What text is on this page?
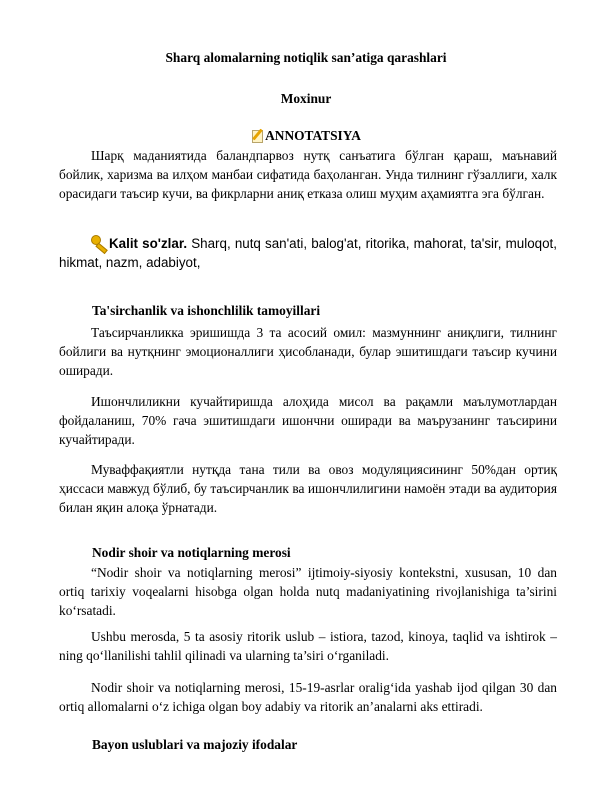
Sharq alomalarning notiqlik san’atiga qarashlari
Moxinur
ANNOTATSIYA
Шарқ маданиятида баландпарвоз нутқ санъатига бўлган қараш, маънавий бойлик, харизма ва илҳом манбаи сифатида баҳоланган. Унда тилнинг гўзаллиги, халк орасидаги таъсир кучи, ва фикрларни аниқ етказа олиш муҳим аҳамиятга эга бўлган.
Kalit so'zlar. Sharq, nutq san'ati, balog'at, ritorika, mahorat, ta'sir, muloqot, hikmat, nazm, adabiyot,
Ta'sirchanlik va ishonchlilik tamoyillari
Таъсирчанликка эришишда 3 та асосий омил: мазмуннинг аниқлиги, тилнинг бойлиги ва нутқнинг эмоционаллиги ҳисобланади, булар эшитишдаги таъсир кучини оширади.
Ишончлиликни кучайтиришда алоҳида мисол ва рақамли маълумотлардан фойдаланиш, 70% гача эшитишдаги ишончни оширади ва маърузанинг таъсирини кучайтиради.
Муваффақиятли нутқда тана тили ва овоз модуляциясининг 50%дан ортиқ ҳиссаси мавжуд бўлиб, бу таъсирчанлик ва ишончлилигини намоён этади ва аудитория билан яқин алоқа ўрнатади.
Nodir shoir va notiqlarning merosi
“Nodir shoir va notiqlarning merosi” ijtimoiy-siyosiy kontekstni, xususan, 10 dan ortiq tarixiy voqealarni hisobga olgan holda nutq madaniyatining rivojlanishiga ta’sirini ko‘rsatadi.
Ushbu merosda, 5 ta asosiy ritorik uslub – istiora, tazod, kinoya, taqlid va ishtirok –ning qo‘llanilishi tahlil qilinadi va ularning ta’siri o‘rganiladi.
Nodir shoir va notiqlarning merosi, 15-19-asrlar oralig‘ida yashab ijod qilgan 30 dan ortiq allomalarni o‘z ichiga olgan boy adabiy va ritorik an’analarni aks ettiradi.
Bayon uslublari va majoziy ifodalar
